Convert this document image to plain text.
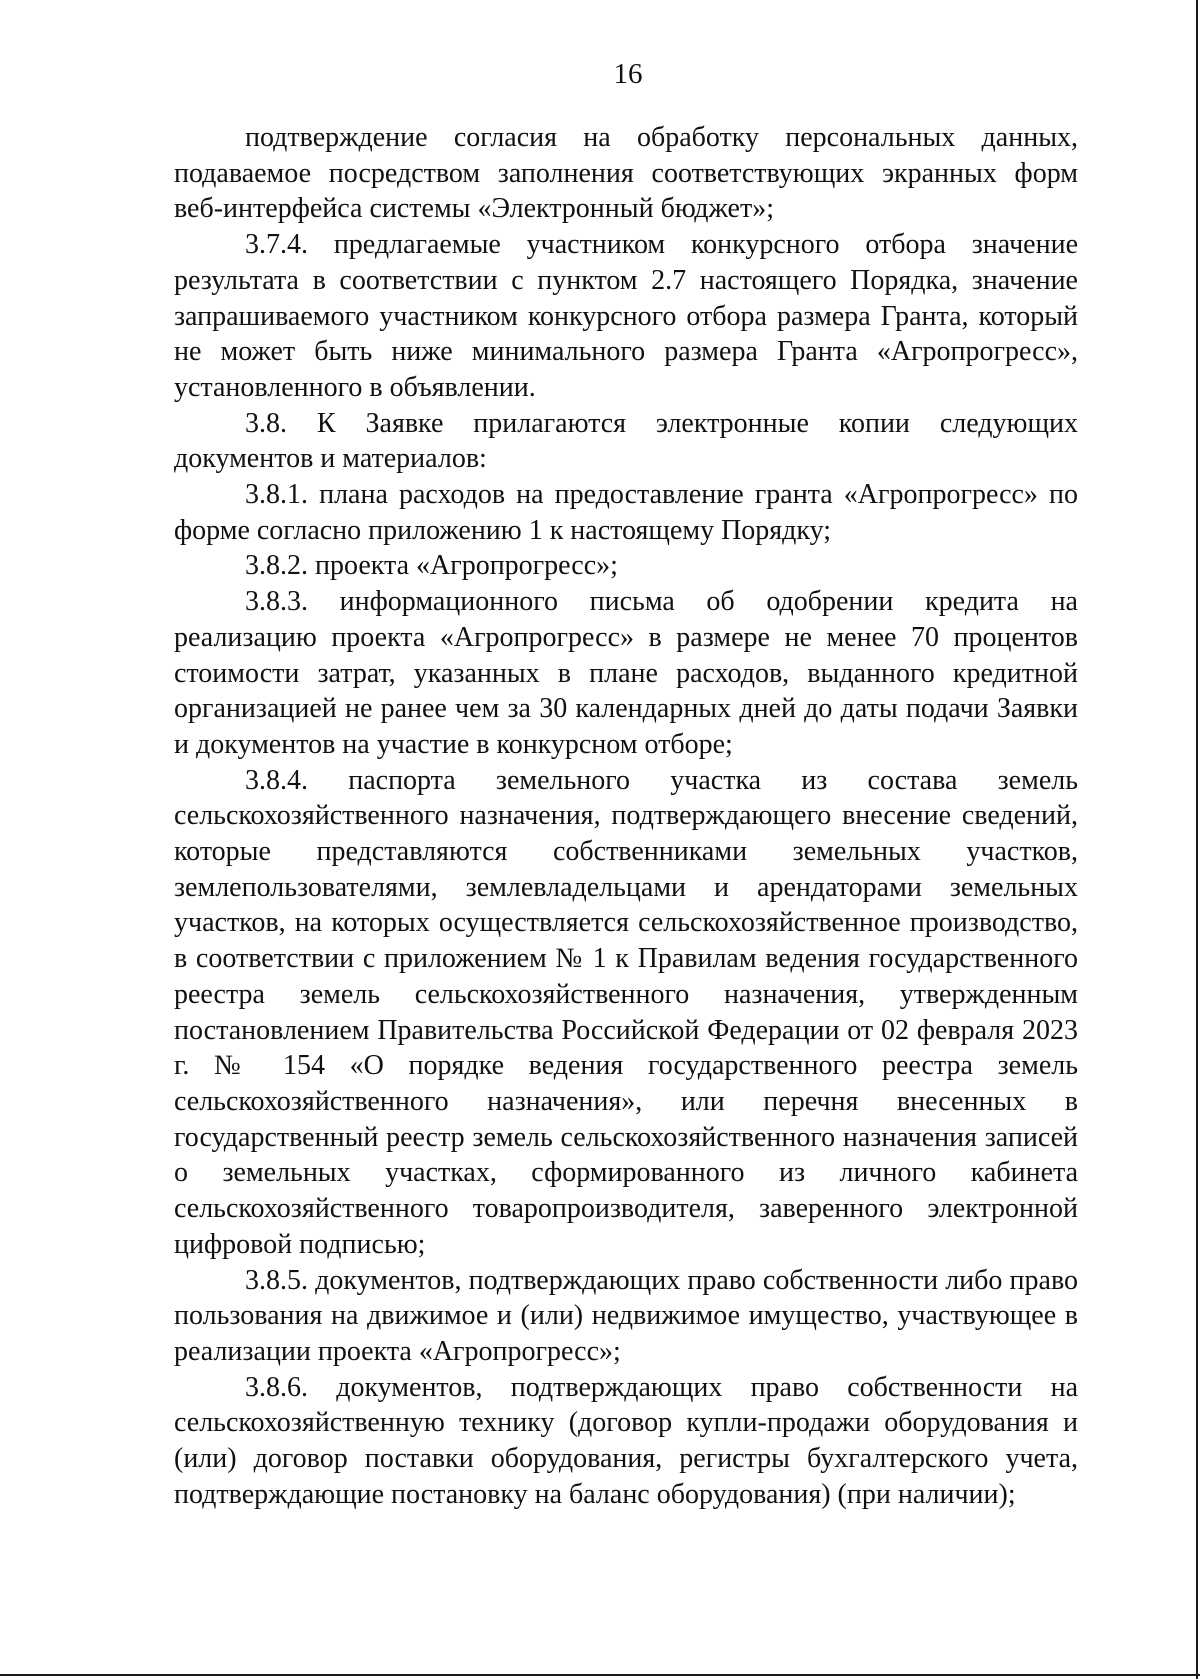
16

подтверждение согласия на обработку персональных данных, подаваемое посредством заполнения соответствующих экранных форм веб-интерфейса системы «Электронный бюджет»;

3.7.4. предлагаемые участником конкурсного отбора значение результата в соответствии с пунктом 2.7 настоящего Порядка, значение запрашиваемого участником конкурсного отбора размера Гранта, который не может быть ниже минимального размера Гранта «Агропрогресс», установленного в объявлении.

3.8. К Заявке прилагаются электронные копии следующих документов и материалов:

3.8.1. плана расходов на предоставление гранта «Агропрогресс» по форме согласно приложению 1 к настоящему Порядку;

3.8.2. проекта «Агропрогресс»;

3.8.3. информационного письма об одобрении кредита на реализацию проекта «Агропрогресс» в размере не менее 70 процентов стоимости затрат, указанных в плане расходов, выданного кредитной организацией не ранее чем за 30 календарных дней до даты подачи Заявки и документов на участие в конкурсном отборе;

3.8.4. паспорта земельного участка из состава земель сельскохозяйственного назначения, подтверждающего внесение сведений, которые представляются собственниками земельных участков, землепользователями, землевладельцами и арендаторами земельных участков, на которых осуществляется сельскохозяйственное производство, в соответствии с приложением № 1 к Правилам ведения государственного реестра земель сельскохозяйственного назначения, утвержденным постановлением Правительства Российской Федерации от 02 февраля 2023 г. № 154 «О порядке ведения государственного реестра земель сельскохозяйственного назначения», или перечня внесенных в государственный реестр земель сельскохозяйственного назначения записей о земельных участках, сформированного из личного кабинета сельскохозяйственного товаропроизводителя, заверенного электронной цифровой подписью;

3.8.5. документов, подтверждающих право собственности либо право пользования на движимое и (или) недвижимое имущество, участвующее в реализации проекта «Агропрогресс»;

3.8.6. документов, подтверждающих право собственности на сельскохозяйственную технику (договор купли-продажи оборудования и (или) договор поставки оборудования, регистры бухгалтерского учета, подтверждающие постановку на баланс оборудования) (при наличии);
